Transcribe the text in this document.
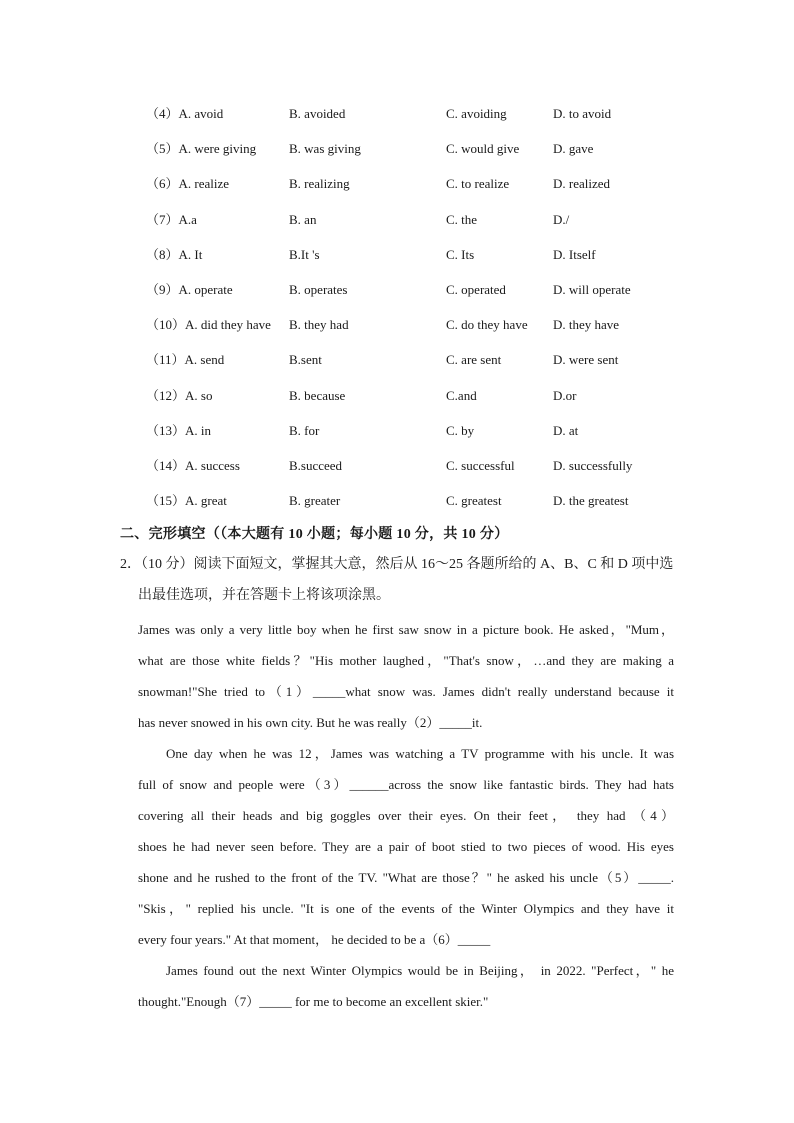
（4）A. avoid	B. avoided	C. avoiding	D. to avoid
（5）A. were giving	B. was giving	C. would give	D. gave
（6）A. realize	B. realizing	C. to realize	D. realized
（7）A.a	B. an	C. the	D./
（8）A. It	B.It 's	C. Its	D. Itself
（9）A. operate	B. operates	C. operated	D. will operate
（10）A. did they have B. they had	C. do they have D. they have
（11）A. send	B.sent	C. are sent	D. were sent
（12）A. so	B. because	C.and	D.or
（13）A. in	B. for	C. by	D. at
（14）A. success	B.succeed	C. successful	D. successfully
（15）A. great	B. greater	C. greatest	D. the greatest
二、完形填空（（本大题有 10 小题；每小题 10 分，共 10 分）
2．（10 分）阅读下面短文，掌握其大意，然后从 16～25 各题所给的 A、B、C 和 D 项中选
出最佳选项，并在答题卡上将该项涂黑。
James was only a very little boy when he first saw snow in a picture book. He asked，"Mum，
what are those white fields？"His mother laughed，"That's snow，…and they are making a
snowman!"She tried to（1）_____what snow was. James didn't really understand because it
has never snowed in his own city. But he was really（2）_____it.
One day when he was 12，James was watching a TV programme with his uncle. It was
full of snow and people were（3）______across the snow like fantastic birds. They had hats
covering all their heads and big goggles over their eyes. On their feet， they had （4）
shoes he had never seen before. They are a pair of boot stied to two pieces of wood. His eyes
shone and he rushed to the front of the TV. "What are those？" he asked his uncle（5）_____.
"Skis，" replied his uncle. "It is one of the events of the Winter Olympics and they have it
every four years." At that moment， he decided to be a（6）_____
James found out the next Winter Olympics would be in Beijing， in 2022. "Perfect，" he
thought."Enough（7）_____ for me to become an excellent skier."
